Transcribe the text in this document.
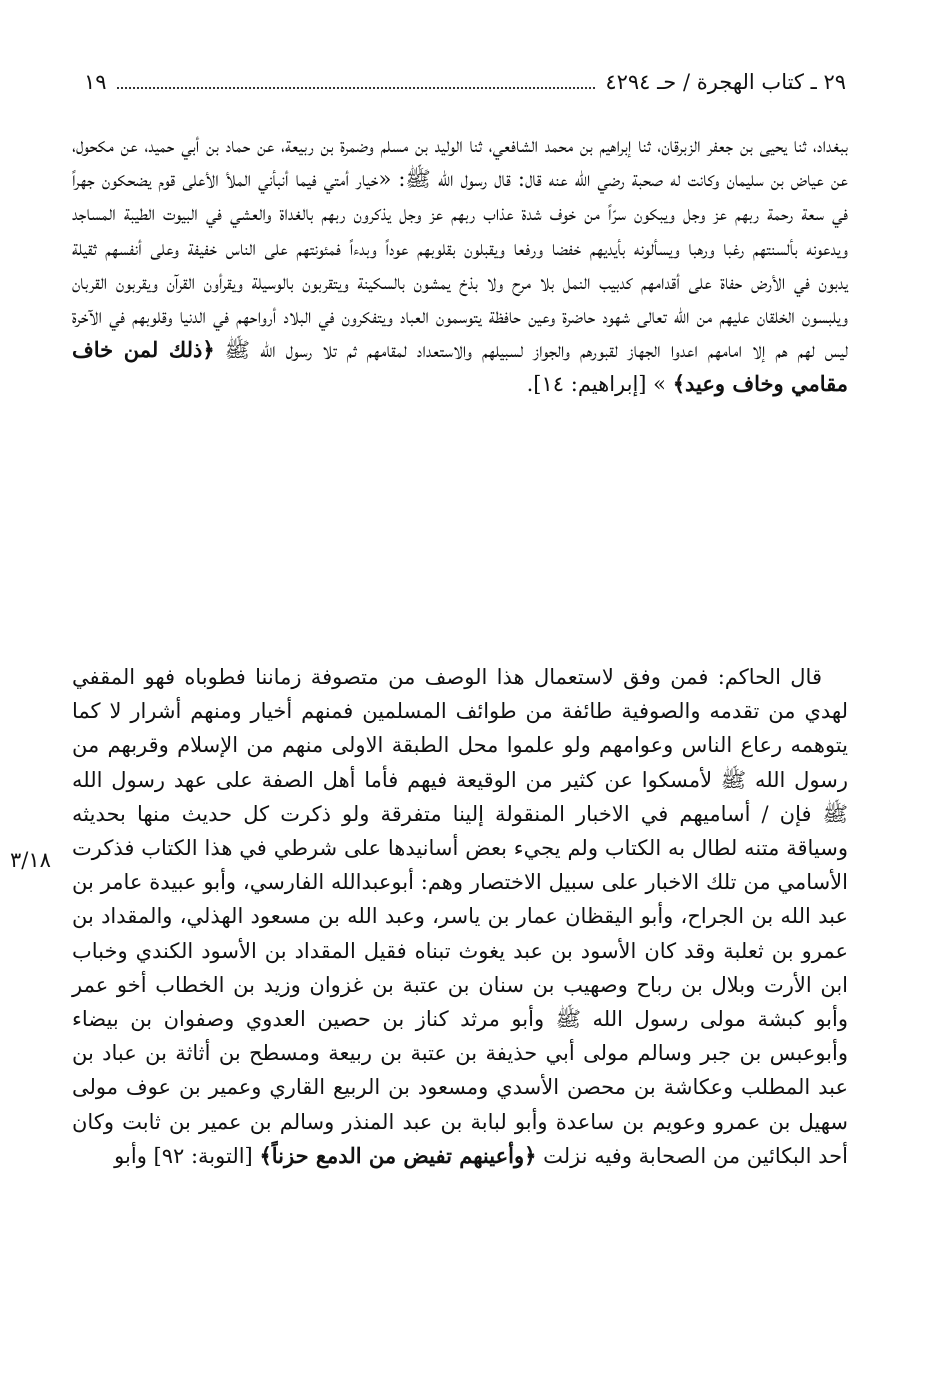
٢٩ ـ كتاب الهجرة / حـ ٤٢٩٤
١٩

ببغداد، ثنا يحيى بن جعفر الزبرقان، ثنا إبراهيم بن محمد الشافعي، ثنا الوليد بن مسلم وضمرة بن ربيعة، عن حماد بن أبي حميد، عن مكحول، عن عياض بن سليمان وكانت له صحبة رضي الله عنه قال: قال رسول الله ﷺ: «خيار أمتي فيما أنبأني الملأ الأعلى قوم يضحكون جهراً في سعة رحمة ربهم عز وجل ويبكون سرّاً من خوف شدة عذاب ربهم عز وجل يذكرون ربهم بالغداة والعشي في البيوت الطيبة المساجد ويدعونه بألسنتهم رغبا ورهبا ويسألونه بأيديهم خفضا ورفعا ويقبلون بقلوبهم عوداً وبدءاً فمئونتهم على الناس خفيفة وعلى أنفسهم ثقيلة يدبون في الأرض حفاة على أقدامهم كدبيب النمل بلا مرح ولا بذخ يمشون بالسكينة ويتقربون بالوسيلة ويقرأون القرآن ويقربون القربان ويلبسون الخلقان عليهم من الله تعالى شهود حاضرة وعين حافظة يتوسمون العباد ويتفكرون في البلاد أرواحهم في الدنيا وقلوبهم في الآخرة ليس لهم هم إلا امامهم اعدوا الجهاز لقبورهم والجواز لسبيلهم والاستعداد لمقامهم ثم تلا رسول الله ﷺ ﴿ذلك لمن خاف مقامي وخاف وعيد﴾ » [إبراهيم: ١٤].

قال الحاكم: فمن وفق لاستعمال هذا الوصف من متصوفة زماننا فطوباه فهو المقفي لهدي من تقدمه والصوفية طائفة من طوائف المسلمين فمنهم أخيار ومنهم أشرار لا كما يتوهمه رعاع الناس وعوامهم ولو علموا محل الطبقة الاولى منهم من الإسلام وقربهم من رسول الله ﷺ لأمسكوا عن كثير من الوقيعة فيهم فأما أهل الصفة على عهد رسول الله ﷺ فإن / أساميهم في الاخبار المنقولة إلينا متفرقة ولو ذكرت كل حديث منها بحديثه وسياقة متنه لطال به الكتاب ولم يجيء بعض أسانيدها على شرطي في هذا الكتاب فذكرت الأسامي من تلك الاخبار على سبيل الاختصار وهم: أبوعبدالله الفارسي، وأبو عبيدة عامر بن عبد الله بن الجراح، وأبو اليقظان عمار بن ياسر، وعبد الله بن مسعود الهذلي، والمقداد بن عمرو بن ثعلبة وقد كان الأسود بن عبد يغوث تبناه فقيل المقداد بن الأسود الكندي وخباب ابن الأرت وبلال بن رباح وصهيب بن سنان بن عتبة بن غزوان وزيد بن الخطاب أخو عمر وأبو كبشة مولى رسول الله ﷺ وأبو مرثد كناز بن حصين العدوي وصفوان بن بيضاء وأبوعبس بن جبر وسالم مولى أبي حذيفة بن عتبة بن ربيعة ومسطح بن أثاثة بن عباد بن عبد المطلب وعكاشة بن محصن الأسدي ومسعود بن الربيع القاري وعمير بن عوف مولى سهيل بن عمرو وعويم بن ساعدة وأبو لبابة بن عبد المنذر وسالم بن عمير بن ثابت وكان أحد البكائين من الصحابة وفيه نزلت ﴿وأعينهم تفيض من الدمع حزناً﴾ [التوبة: ٩٢] وأبو

٣/١٨
